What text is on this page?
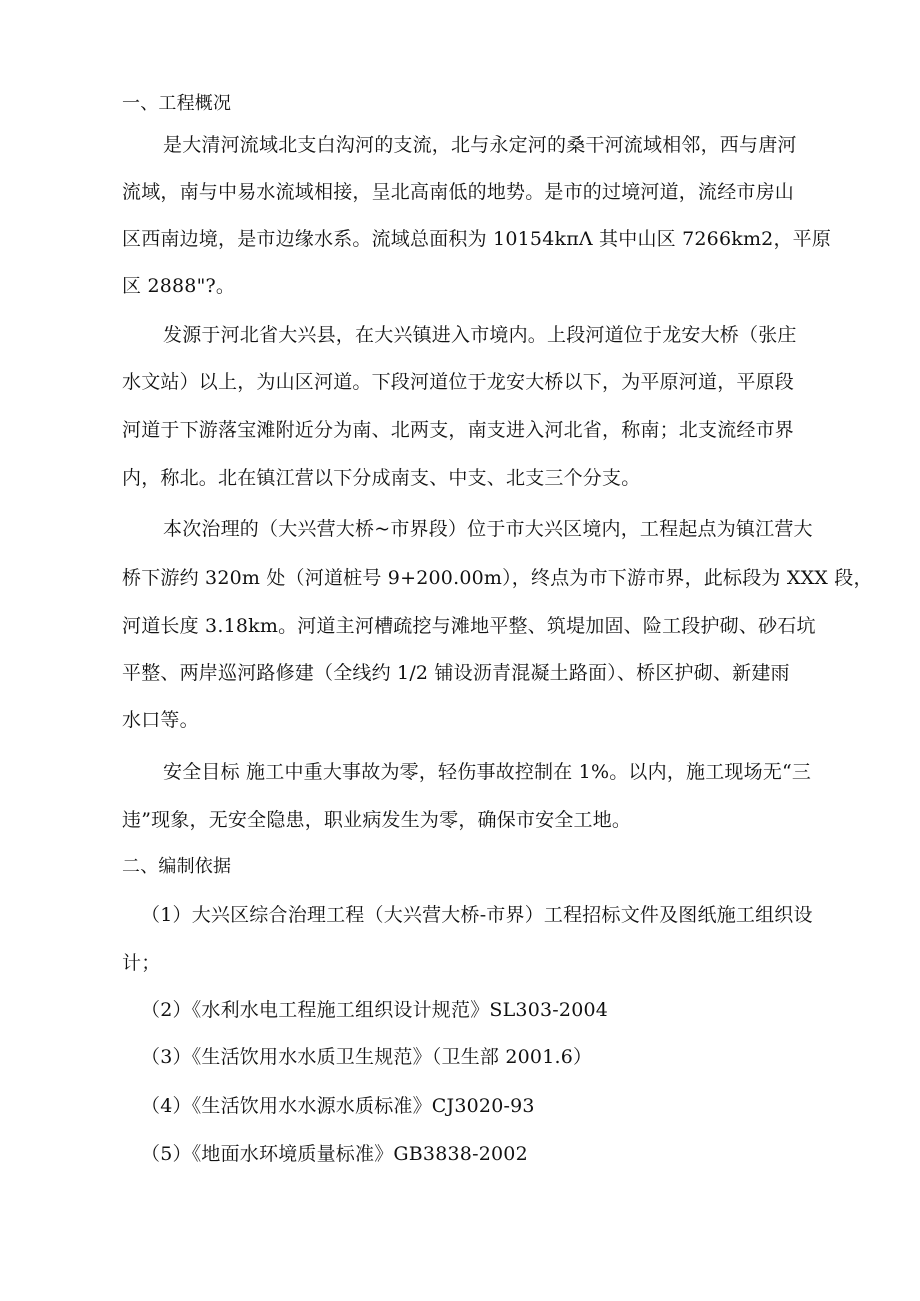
一、工程概况
是大清河流域北支白沟河的支流，北与永定河的桑干河流域相邻，西与唐河
流域，南与中易水流域相接，呈北高南低的地势。是市的过境河道，流经市房山
区西南边境，是市边缘水系。流域总面积为 10154kπΛ 其中山区 7266km2，平原
区 2888"?。
发源于河北省大兴县，在大兴镇进入市境内。上段河道位于龙安大桥（张庄
水文站）以上，为山区河道。下段河道位于龙安大桥以下，为平原河道，平原段
河道于下游落宝滩附近分为南、北两支，南支进入河北省，称南；北支流经市界
内，称北。北在镇江营以下分成南支、中支、北支三个分支。
本次治理的（大兴营大桥~市界段）位于市大兴区境内，工程起点为镇江营大
桥下游约 320m 处（河道桩号 9+200.00m），终点为市下游市界，此标段为 XXX 段，
河道长度 3.18km。河道主河槽疏挖与滩地平整、筑堤加固、险工段护砌、砂石坑
平整、两岸巡河路修建（全线约 1/2 铺设沥青混凝土路面）、桥区护砌、新建雨
水口等。
安全目标 施工中重大事故为零，轻伤事故控制在 1%。以内，施工现场无“三
违”现象，无安全隐患，职业病发生为零，确保市安全工地。
二、编制依据
（1）大兴区综合治理工程（大兴营大桥-市界）工程招标文件及图纸施工组织设
计；
（2）《水利水电工程施工组织设计规范》SL303-2004
（3）《生活饮用水水质卫生规范》（卫生部 2001.6）
（4）《生活饮用水水源水质标准》CJ3020-93
（5）《地面水环境质量标准》GB3838-2002
